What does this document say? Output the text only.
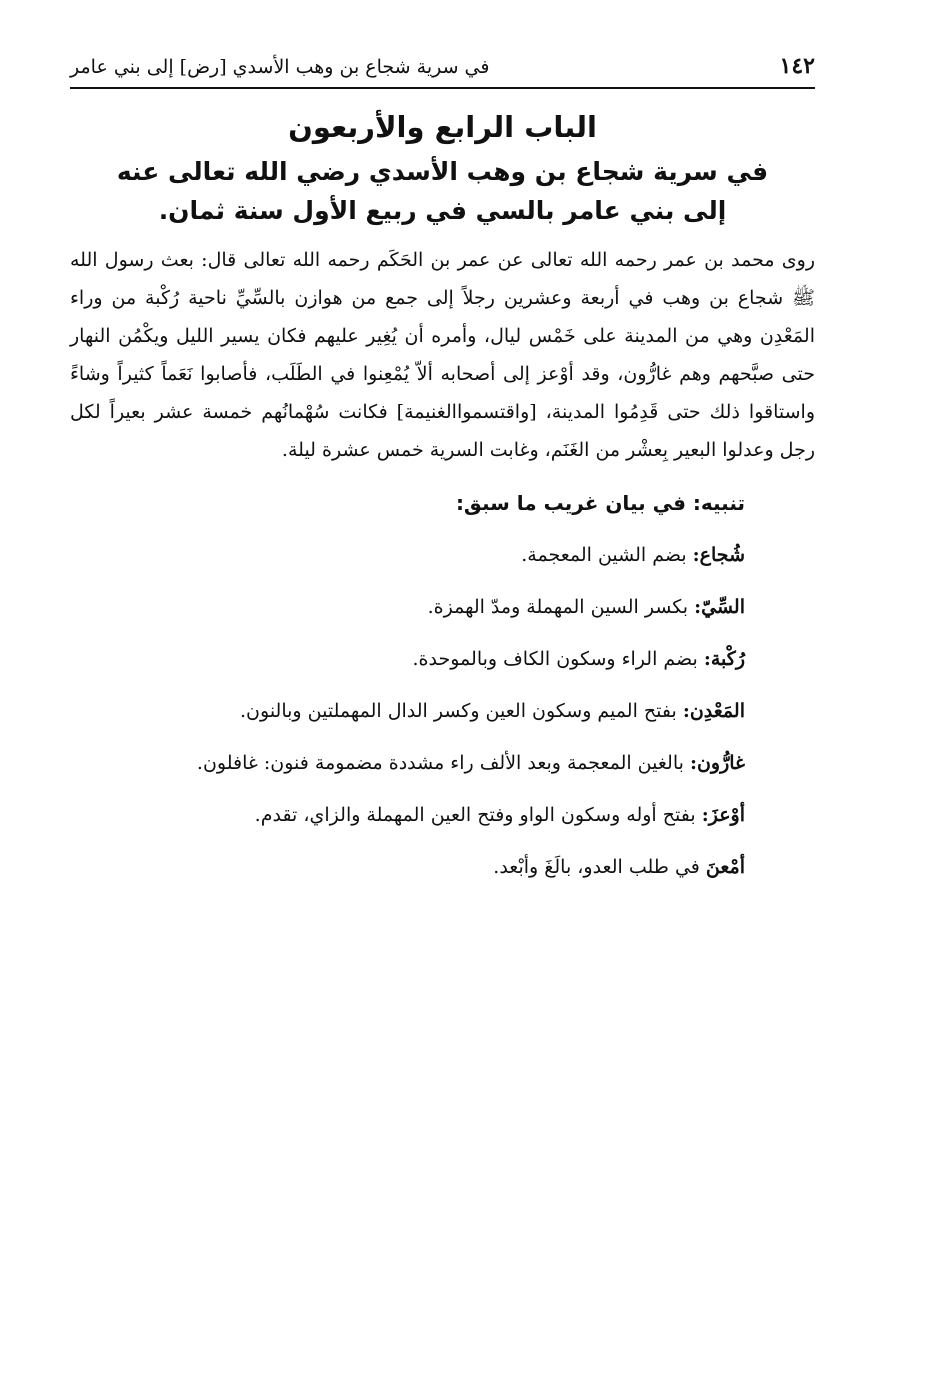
١٤٢
في سرية شجاع بن وهب الأسدي [رض] إلى بني عامر
الباب الرابع والأربعون
في سرية شجاع بن وهب الأسدي رضي الله تعالى عنه
إلى بني عامر بالسي في ربيع الأول سنة ثمان.

روى محمد بن عمر رحمه الله تعالى عن عمر بن الحَكَم رحمه الله تعالى قال: بعث رسول الله ﷺ شجاع بن وهب في أربعة وعشرين رجلاً إلى جمع من هوازن بالسِّيِّ ناحية رُكْبة من وراء المَعْدِن وهي من المدينة على خَمْس ليال، وأمره أن يُغِير عليهم فكان يسير الليل ويكْمُن النهار حتى صبَّحهم وهم غارُّون، وقد أوْعز إلى أصحابه ألاّ يُمْعِنوا في الطَلَب، فأصابوا نَعَماً كثيراً وشاءً واستاقوا ذلك حتى قَدِمُوا المدينة، [واقتسمواالغنيمة] فكانت سُهْمانُهم خمسة عشر بعيراً لكل رجل وعدلوا البعير بِعشْر من الغَنَم، وغابت السرية خمس عشرة ليلة.

تنبيه: في بيان غريب ما سبق:
شُجاع: بضم الشين المعجمة.
السِّيّ: بكسر السين المهملة ومدّ الهمزة.
رُكْبة: بضم الراء وسكون الكاف وبالموحدة.
المَعْدِن: بفتح الميم وسكون العين وكسر الدال المهملتين وبالنون.
غارُّون: بالغين المعجمة وبعد الألف راء مشددة مضمومة فنون: غافلون.
أوْعزَ: بفتح أوله وسكون الواو وفتح العين المهملة والزاي، تقدم.
أمْعنَ في طلب العدو، بالَغَ وأبْعد.
